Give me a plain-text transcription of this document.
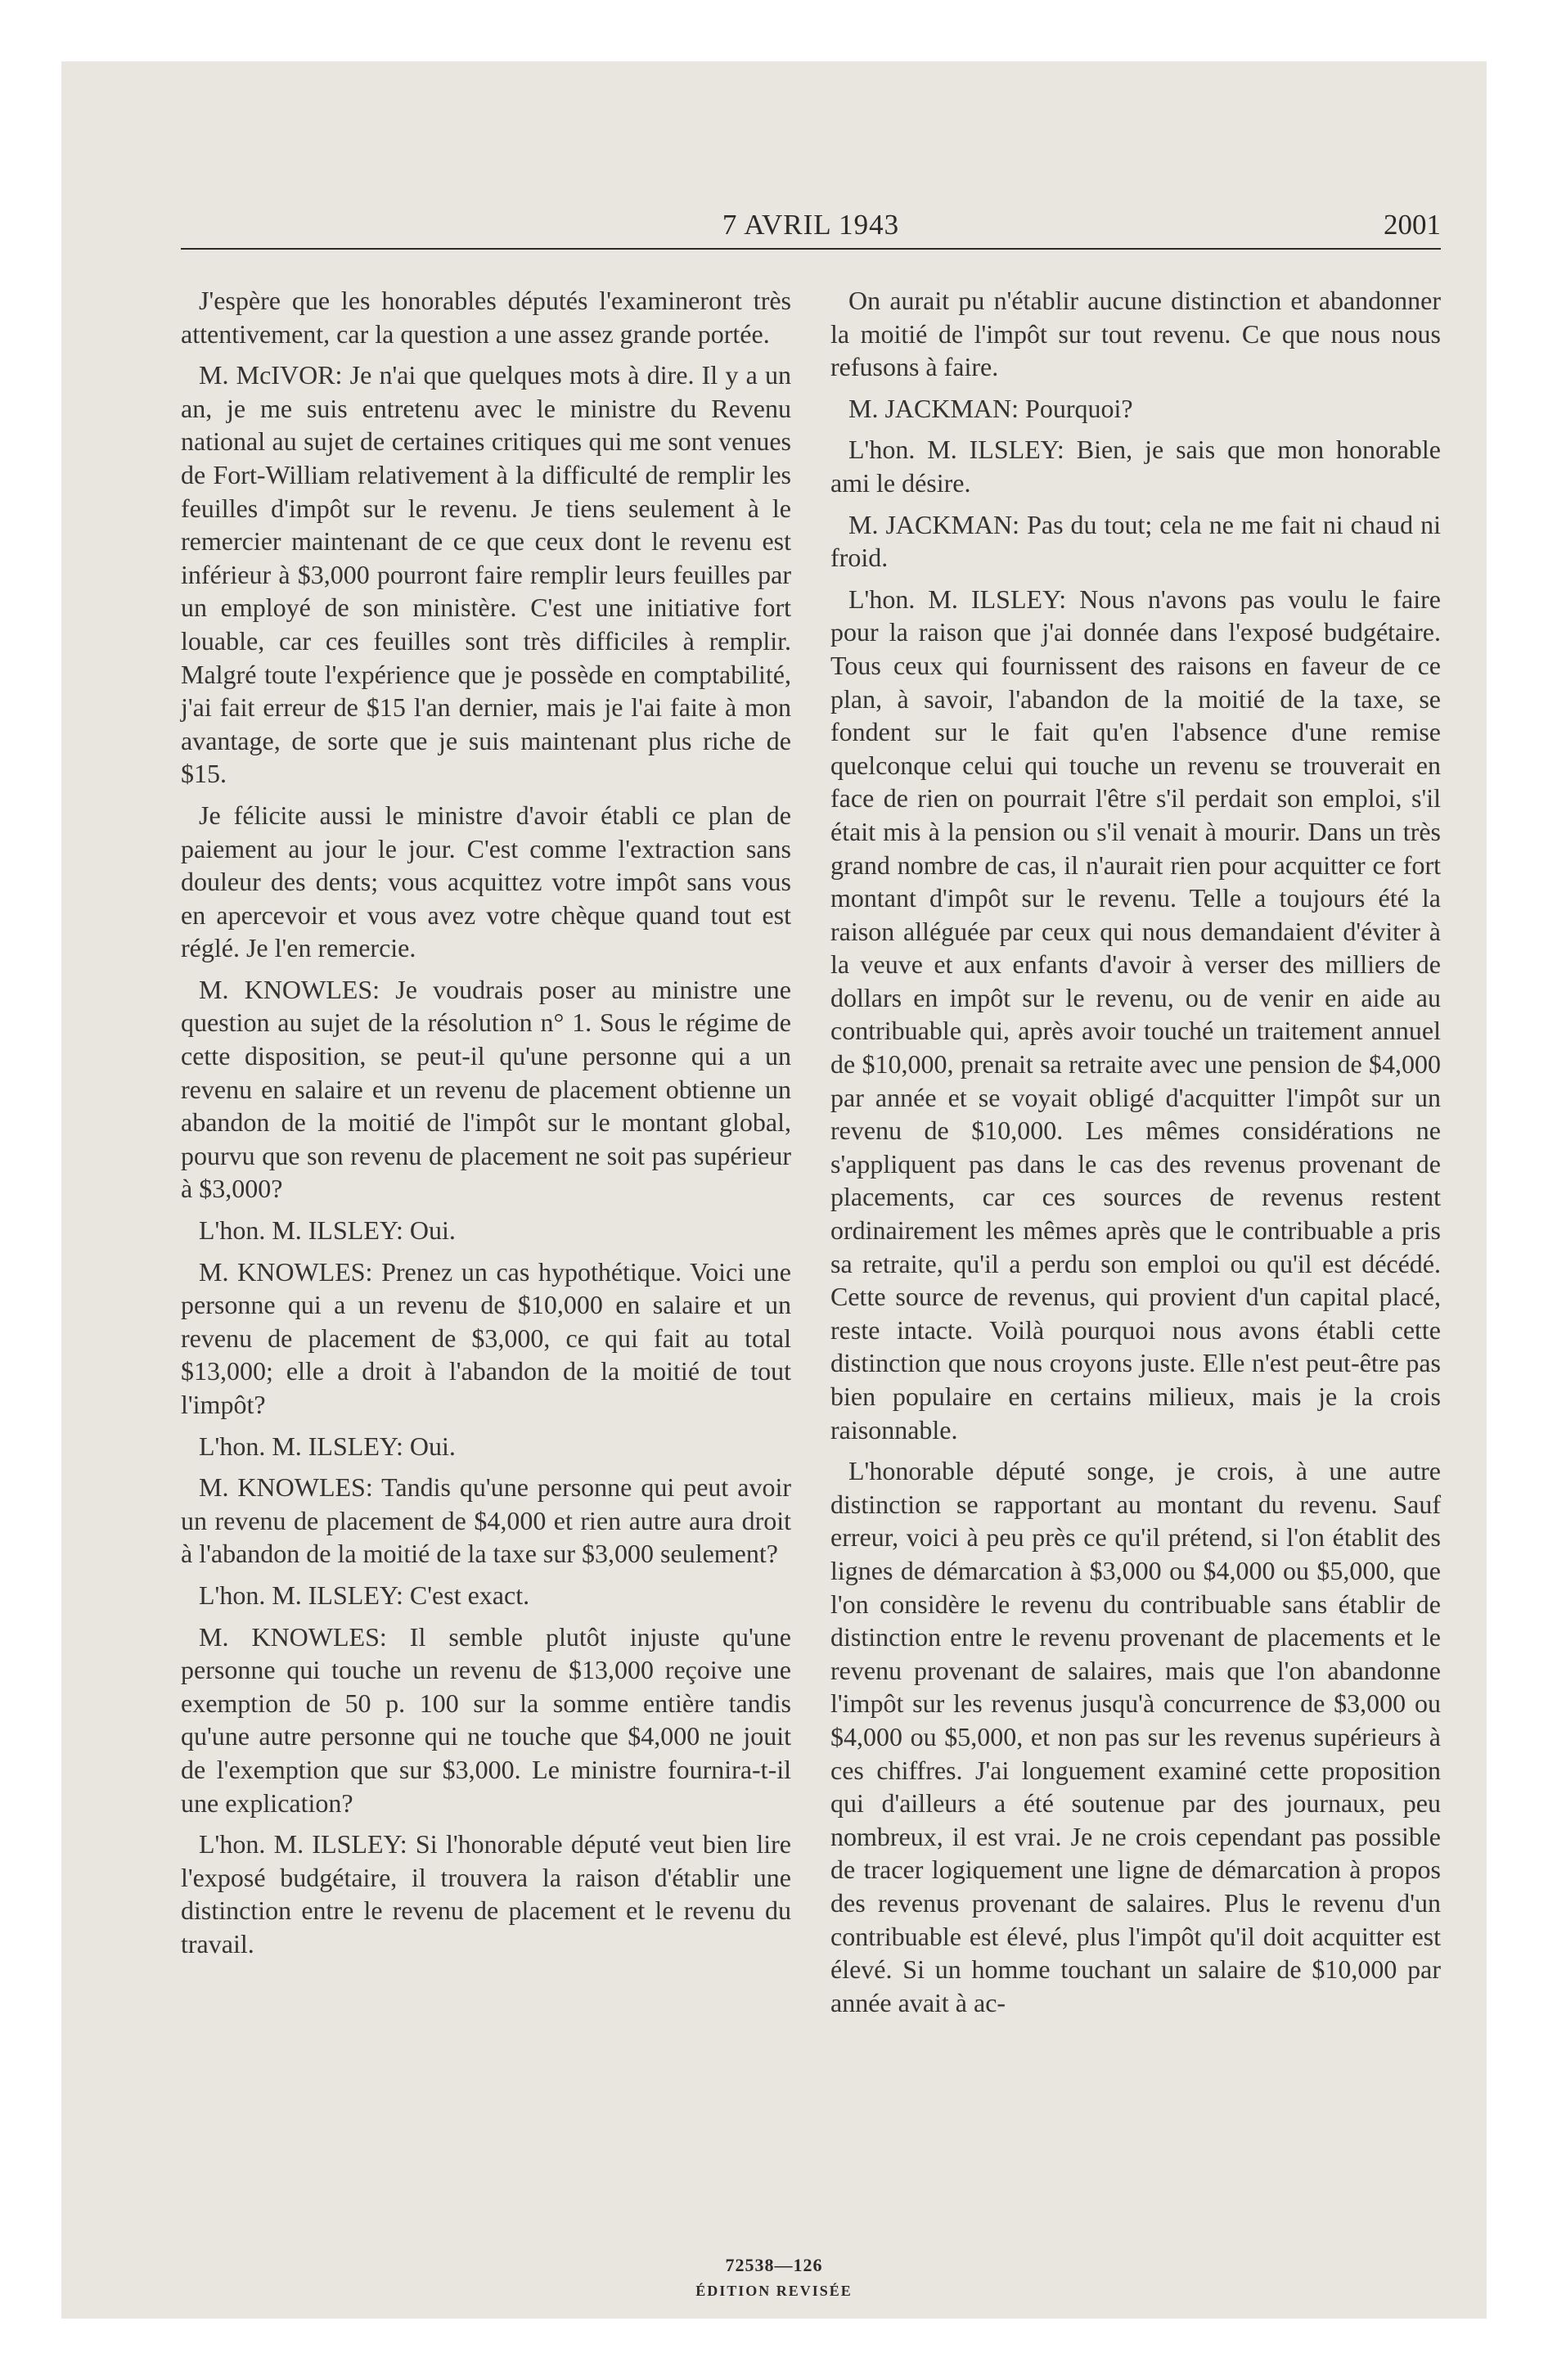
7 AVRIL 1943	2001

J'espère que les honorables députés l'examineront très attentivement, car la question a une assez grande portée.

M. McIVOR: Je n'ai que quelques mots à dire. Il y a un an, je me suis entretenu avec le ministre du Revenu national au sujet de certaines critiques qui me sont venues de Fort-William relativement à la difficulté de remplir les feuilles d'impôt sur le revenu. Je tiens seulement à le remercier maintenant de ce que ceux dont le revenu est inférieur à $3,000 pourront faire remplir leurs feuilles par un employé de son ministère. C'est une initiative fort louable, car ces feuilles sont très difficiles à remplir. Malgré toute l'expérience que je possède en comptabilité, j'ai fait erreur de $15 l'an dernier, mais je l'ai faite à mon avantage, de sorte que je suis maintenant plus riche de $15.

Je félicite aussi le ministre d'avoir établi ce plan de paiement au jour le jour. C'est comme l'extraction sans douleur des dents; vous acquittez votre impôt sans vous en apercevoir et vous avez votre chèque quand tout est réglé. Je l'en remercie.

M. KNOWLES: Je voudrais poser au ministre une question au sujet de la résolution n° 1. Sous le régime de cette disposition, se peut-il qu'une personne qui a un revenu en salaire et un revenu de placement obtienne un abandon de la moitié de l'impôt sur le montant global, pourvu que son revenu de placement ne soit pas supérieur à $3,000?

L'hon. M. ILSLEY: Oui.

M. KNOWLES: Prenez un cas hypothétique. Voici une personne qui a un revenu de $10,000 en salaire et un revenu de placement de $3,000, ce qui fait au total $13,000; elle a droit à l'abandon de la moitié de tout l'impôt?

L'hon. M. ILSLEY: Oui.

M. KNOWLES: Tandis qu'une personne qui peut avoir un revenu de placement de $4,000 et rien autre aura droit à l'abandon de la moitié de la taxe sur $3,000 seulement?

L'hon. M. ILSLEY: C'est exact.

M. KNOWLES: Il semble plutôt injuste qu'une personne qui touche un revenu de $13,000 reçoive une exemption de 50 p. 100 sur la somme entière tandis qu'une autre personne qui ne touche que $4,000 ne jouit de l'exemption que sur $3,000. Le ministre fournira-t-il une explication?

L'hon. M. ILSLEY: Si l'honorable député veut bien lire l'exposé budgétaire, il trouvera la raison d'établir une distinction entre le revenu de placement et le revenu du travail.

On aurait pu n'établir aucune distinction et abandonner la moitié de l'impôt sur tout revenu. Ce que nous nous refusons à faire.

M. JACKMAN: Pourquoi?

L'hon. M. ILSLEY: Bien, je sais que mon honorable ami le désire.

M. JACKMAN: Pas du tout; cela ne me fait ni chaud ni froid.

L'hon. M. ILSLEY: Nous n'avons pas voulu le faire pour la raison que j'ai donnée dans l'exposé budgétaire. Tous ceux qui fournissent des raisons en faveur de ce plan, à savoir, l'abandon de la moitié de la taxe, se fondent sur le fait qu'en l'absence d'une remise quelconque celui qui touche un revenu se trouverait en face de rien on pourrait l'être s'il perdait son emploi, s'il était mis à la pension ou s'il venait à mourir. Dans un très grand nombre de cas, il n'aurait rien pour acquitter ce fort montant d'impôt sur le revenu. Telle a toujours été la raison alléguée par ceux qui nous demandaient d'éviter à la veuve et aux enfants d'avoir à verser des milliers de dollars en impôt sur le revenu, ou de venir en aide au contribuable qui, après avoir touché un traitement annuel de $10,000, prenait sa retraite avec une pension de $4,000 par année et se voyait obligé d'acquitter l'impôt sur un revenu de $10,000. Les mêmes considérations ne s'appliquent pas dans le cas des revenus provenant de placements, car ces sources de revenus restent ordinairement les mêmes après que le contribuable a pris sa retraite, qu'il a perdu son emploi ou qu'il est décédé. Cette source de revenus, qui provient d'un capital placé, reste intacte. Voilà pourquoi nous avons établi cette distinction que nous croyons juste. Elle n'est peut-être pas bien populaire en certains milieux, mais je la crois raisonnable.

L'honorable député songe, je crois, à une autre distinction se rapportant au montant du revenu. Sauf erreur, voici à peu près ce qu'il prétend, si l'on établit des lignes de démarcation à $3,000 ou $4,000 ou $5,000, que l'on considère le revenu du contribuable sans établir de distinction entre le revenu provenant de placements et le revenu provenant de salaires, mais que l'on abandonne l'impôt sur les revenus jusqu'à concurrence de $3,000 ou $4,000 ou $5,000, et non pas sur les revenus supérieurs à ces chiffres. J'ai longuement examiné cette proposition qui d'ailleurs a été soutenue par des journaux, peu nombreux, il est vrai. Je ne crois cependant pas possible de tracer logiquement une ligne de démarcation à propos des revenus provenant de salaires. Plus le revenu d'un contribuable est élevé, plus l'impôt qu'il doit acquitter est élevé. Si un homme touchant un salaire de $10,000 par année avait à ac-

72538—126
ÉDITION REVISÉE
